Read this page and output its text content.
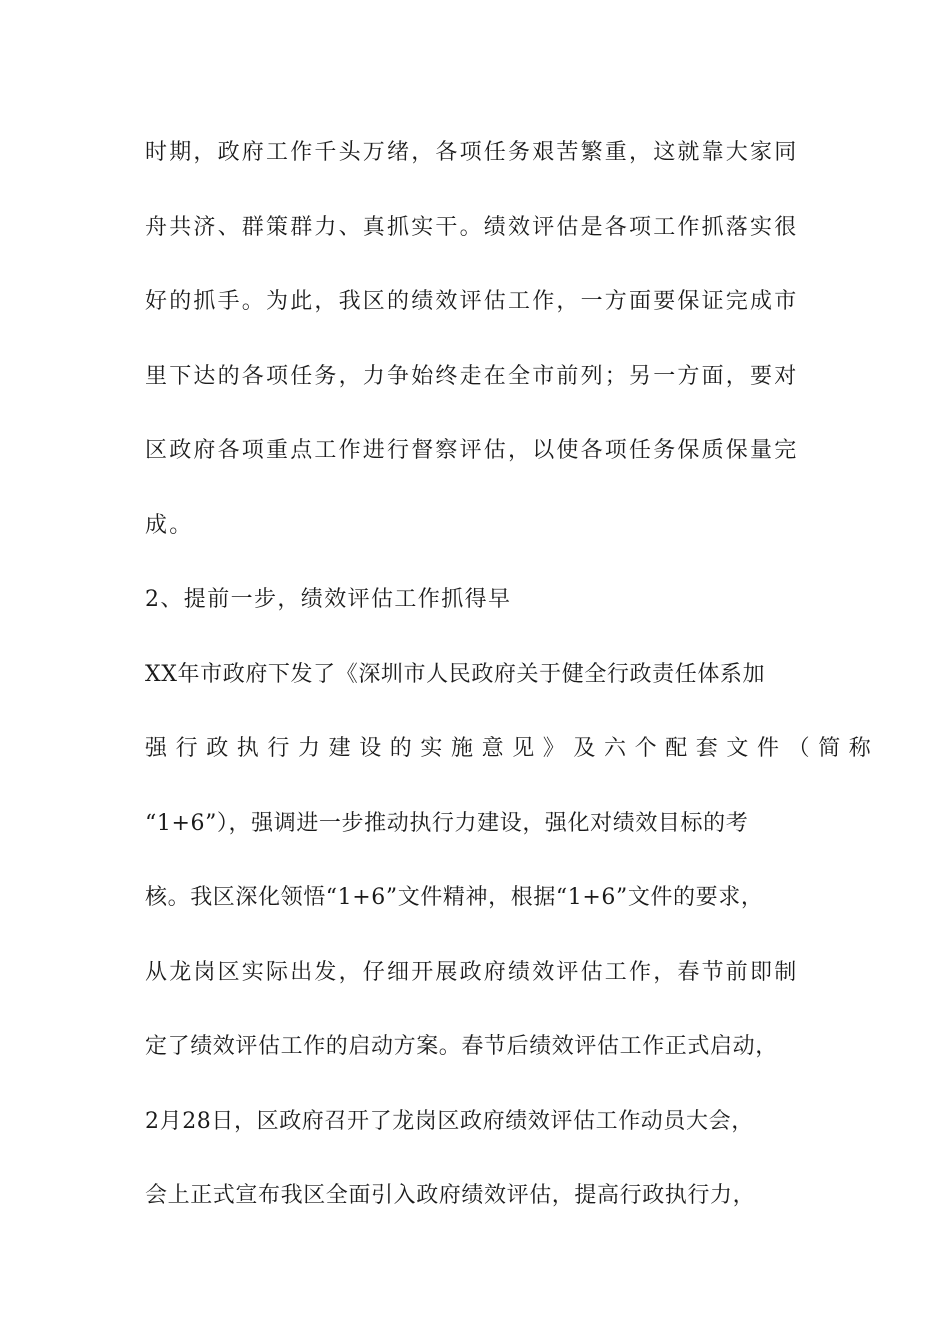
时期，政府工作千头万绪，各项任务艰苦繁重，这就靠大家同
舟共济、群策群力、真抓实干。绩效评估是各项工作抓落实很
好的抓手。为此，我区的绩效评估工作，一方面要保证完成市
里下达的各项任务，力争始终走在全市前列；另一方面，要对
区政府各项重点工作进行督察评估，以使各项任务保质保量完
成。
2、提前一步，绩效评估工作抓得早
XX年市政府下发了《深圳市人民政府关于健全行政责任体系加
强行政执行力建设的实施意见》及六个配套文件（简称
“1+6”），强调进一步推动执行力建设，强化对绩效目标的考
核。我区深化领悟“1+6”文件精神，根据“1+6”文件的要求，
从龙岗区实际出发，仔细开展政府绩效评估工作，春节前即制
定了绩效评估工作的启动方案。春节后绩效评估工作正式启动，
2月28日，区政府召开了龙岗区政府绩效评估工作动员大会，
会上正式宣布我区全面引入政府绩效评估，提高行政执行力，
